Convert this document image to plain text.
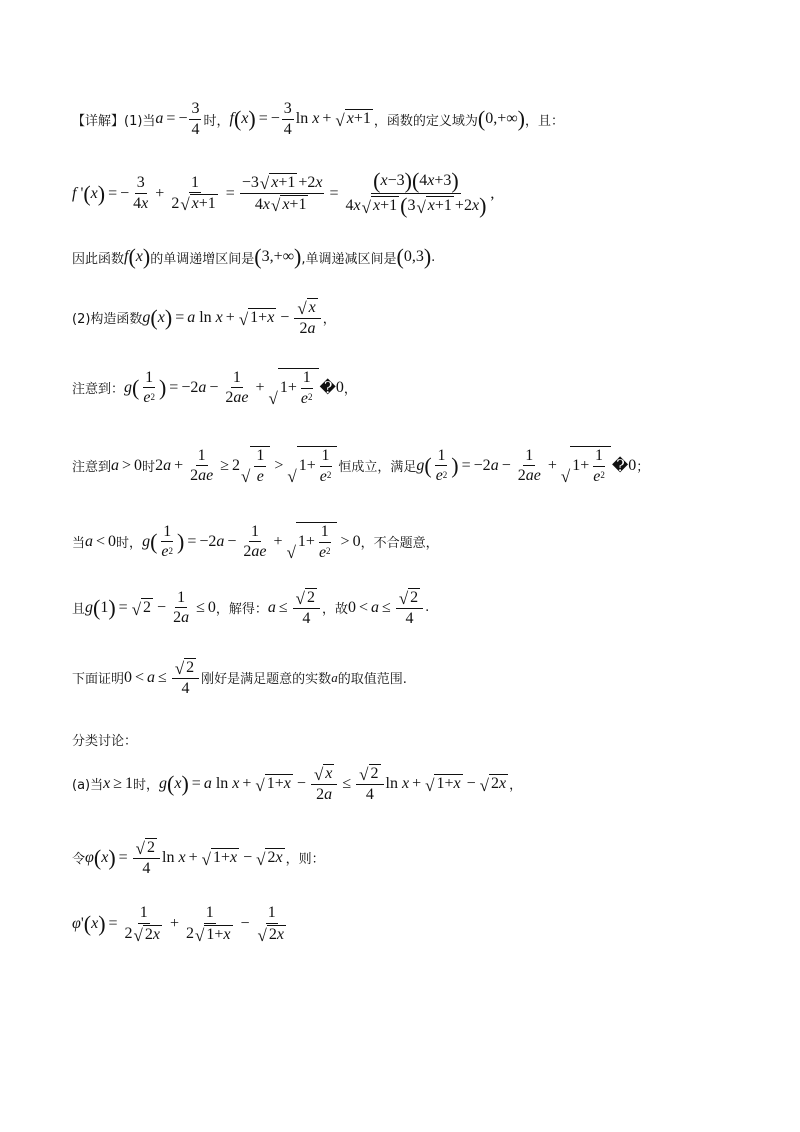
【详解】(1)当 a = − $\frac{3}{4}$ 时， f ( x ) = − $\frac{3}{4}$ ln x + √ x +1 ，函数的定义域为 ( 0,+∞ ) ，且：
f ' ( x ) = − $\frac{3}{4 x} + \frac{1}{2 √ x +1} = \frac{-3 √ x +1 +2 x}{4 x √ x +1} = \frac{( x -3 ) ( 4 x +3 )}{4 x √ x +1 ( 3 √ x +1 +2 x )}$ ,
因此函数 f ( x ) 的单调递增区间是 ( 3,+∞ ) ,单调递减区间是 ( 0,3 ) .
(2)构造函数 g ( x ) = a ln x + √ $1+ x - \frac{√ x}{2 a}$ ，
注意到： g ( $\frac{1}{e 2}$ ) = −2 $a - \frac{1}{2 ae}$ +
√
$1+ \frac{1}{e 2}$ � 0 ，
注意到 a > 0 时 2 $a + \frac{1}{2 ae} \ge 2$
√ $\frac{1}{e}$ >
√
$1+ \frac{1}{e 2}$ 恒成立，满足 g ( $\frac{1}{e 2}$ ) = −2 $a - \frac{1}{2 ae}$ +
√
$1+ \frac{1}{e 2}$ � 0 ；
当 a < 0 时， g ( $\frac{1}{e 2}$ ) = −2 $a - \frac{1}{2 ae}$ +
√
$1+ \frac{1}{e 2} > 0$ ，不合题意，
且 g ( 1 ) = √ $2 - \frac{1}{2 a} \le 0$ ，解得： $a \le \frac{√ 2}{4}$ ，故 $0 < a \le \frac{√ 2}{4}$ .
下面证明 $0 < a \le \frac{√ 2}{4}$ 刚好是满足题意的实数 a 的取值范围.
分类讨论：
(a)当 x ≥ 1 时， g ( x ) = a ln x + √ $1+ x - \frac{√ x}{2 a} \le \frac{√ 2}{4}$ ln x + √ 1+ x − √ 2 x ，
令 φ ( x ) = $\frac{√ 2}{4}$ ln x + √ 1+ x − √ 2 x ，则：
φ ' ( x ) = $\frac{1}{2 √ 2 x} + \frac{1}{2 √ 1+ x} - \frac{1}{√ 2 x}$
